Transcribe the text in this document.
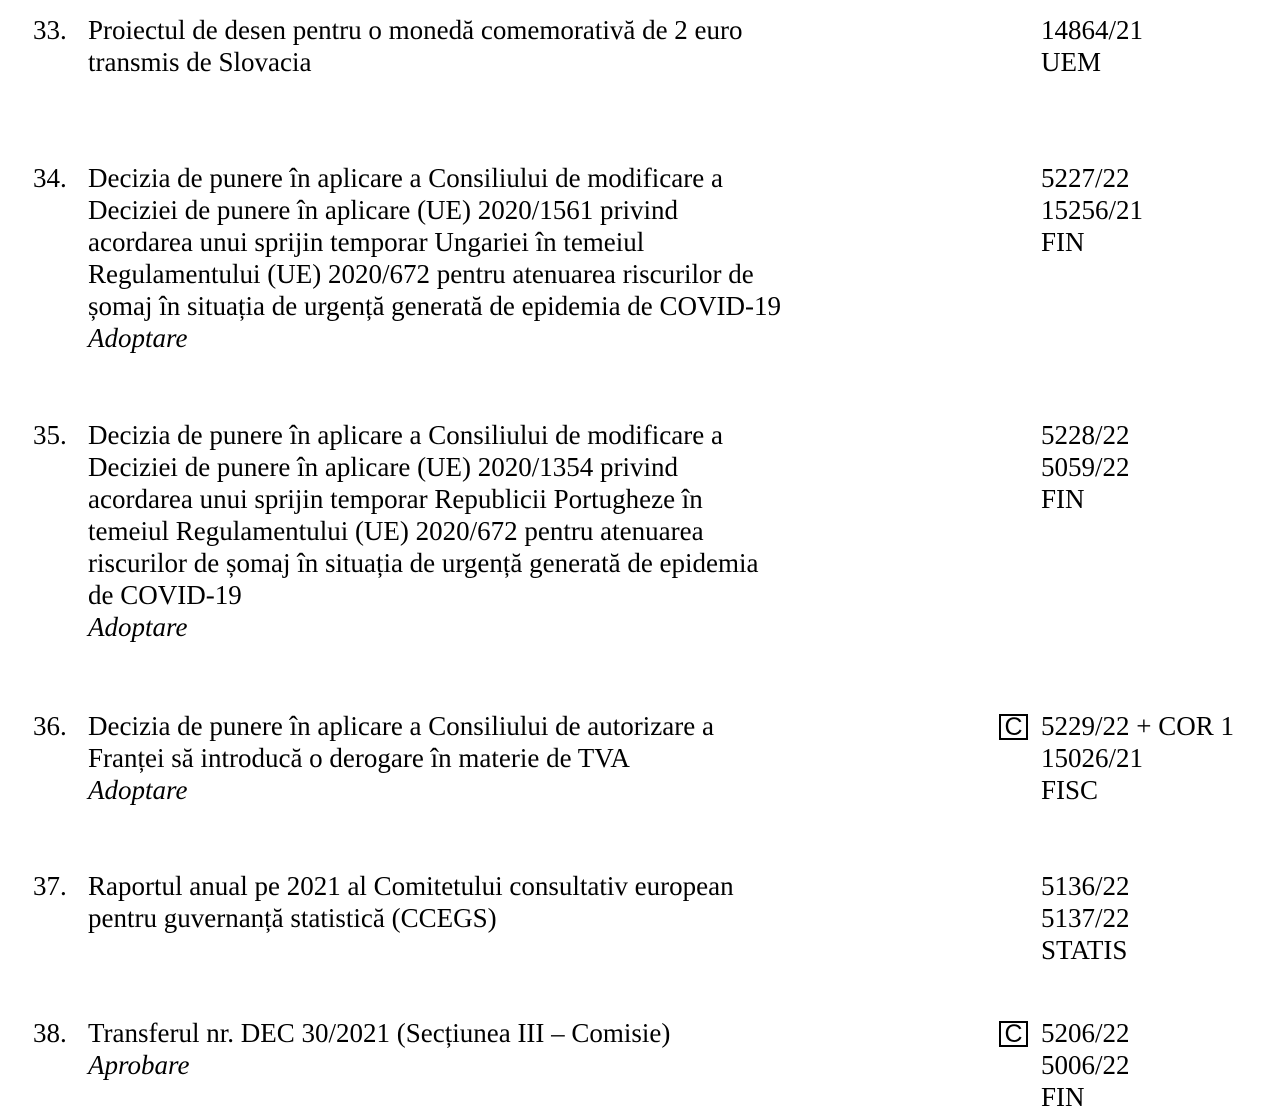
33. Proiectul de desen pentru o monedă comemorativă de 2 euro
transmis de Slovacia
14864/21
UEM
34. Decizia de punere în aplicare a Consiliului de modificare a
Deciziei de punere în aplicare (UE) 2020/1561 privind
acordarea unui sprijin temporar Ungariei în temeiul
Regulamentului (UE) 2020/672 pentru atenuarea riscurilor de
șomaj în situația de urgență generată de epidemia de COVID-19
Adoptare
5227/22
15256/21
FIN
35. Decizia de punere în aplicare a Consiliului de modificare a
Deciziei de punere în aplicare (UE) 2020/1354 privind
acordarea unui sprijin temporar Republicii Portugheze în
temeiul Regulamentului (UE) 2020/672 pentru atenuarea
riscurilor de șomaj în situația de urgență generată de epidemia
de COVID-19
Adoptare
5228/22
5059/22
FIN
36. Decizia de punere în aplicare a Consiliului de autorizare a
Franței să introducă o derogare în materie de TVA
Adoptare
C 5229/22 + COR 1
15026/21
FISC
37. Raportul anual pe 2021 al Comitetului consultativ european
pentru guvernanță statistică (CCEGS)
5136/22
5137/22
STATIS
38. Transferul nr. DEC 30/2021 (Secțiunea III – Comisie)
Aprobare
C 5206/22
5006/22
FIN
